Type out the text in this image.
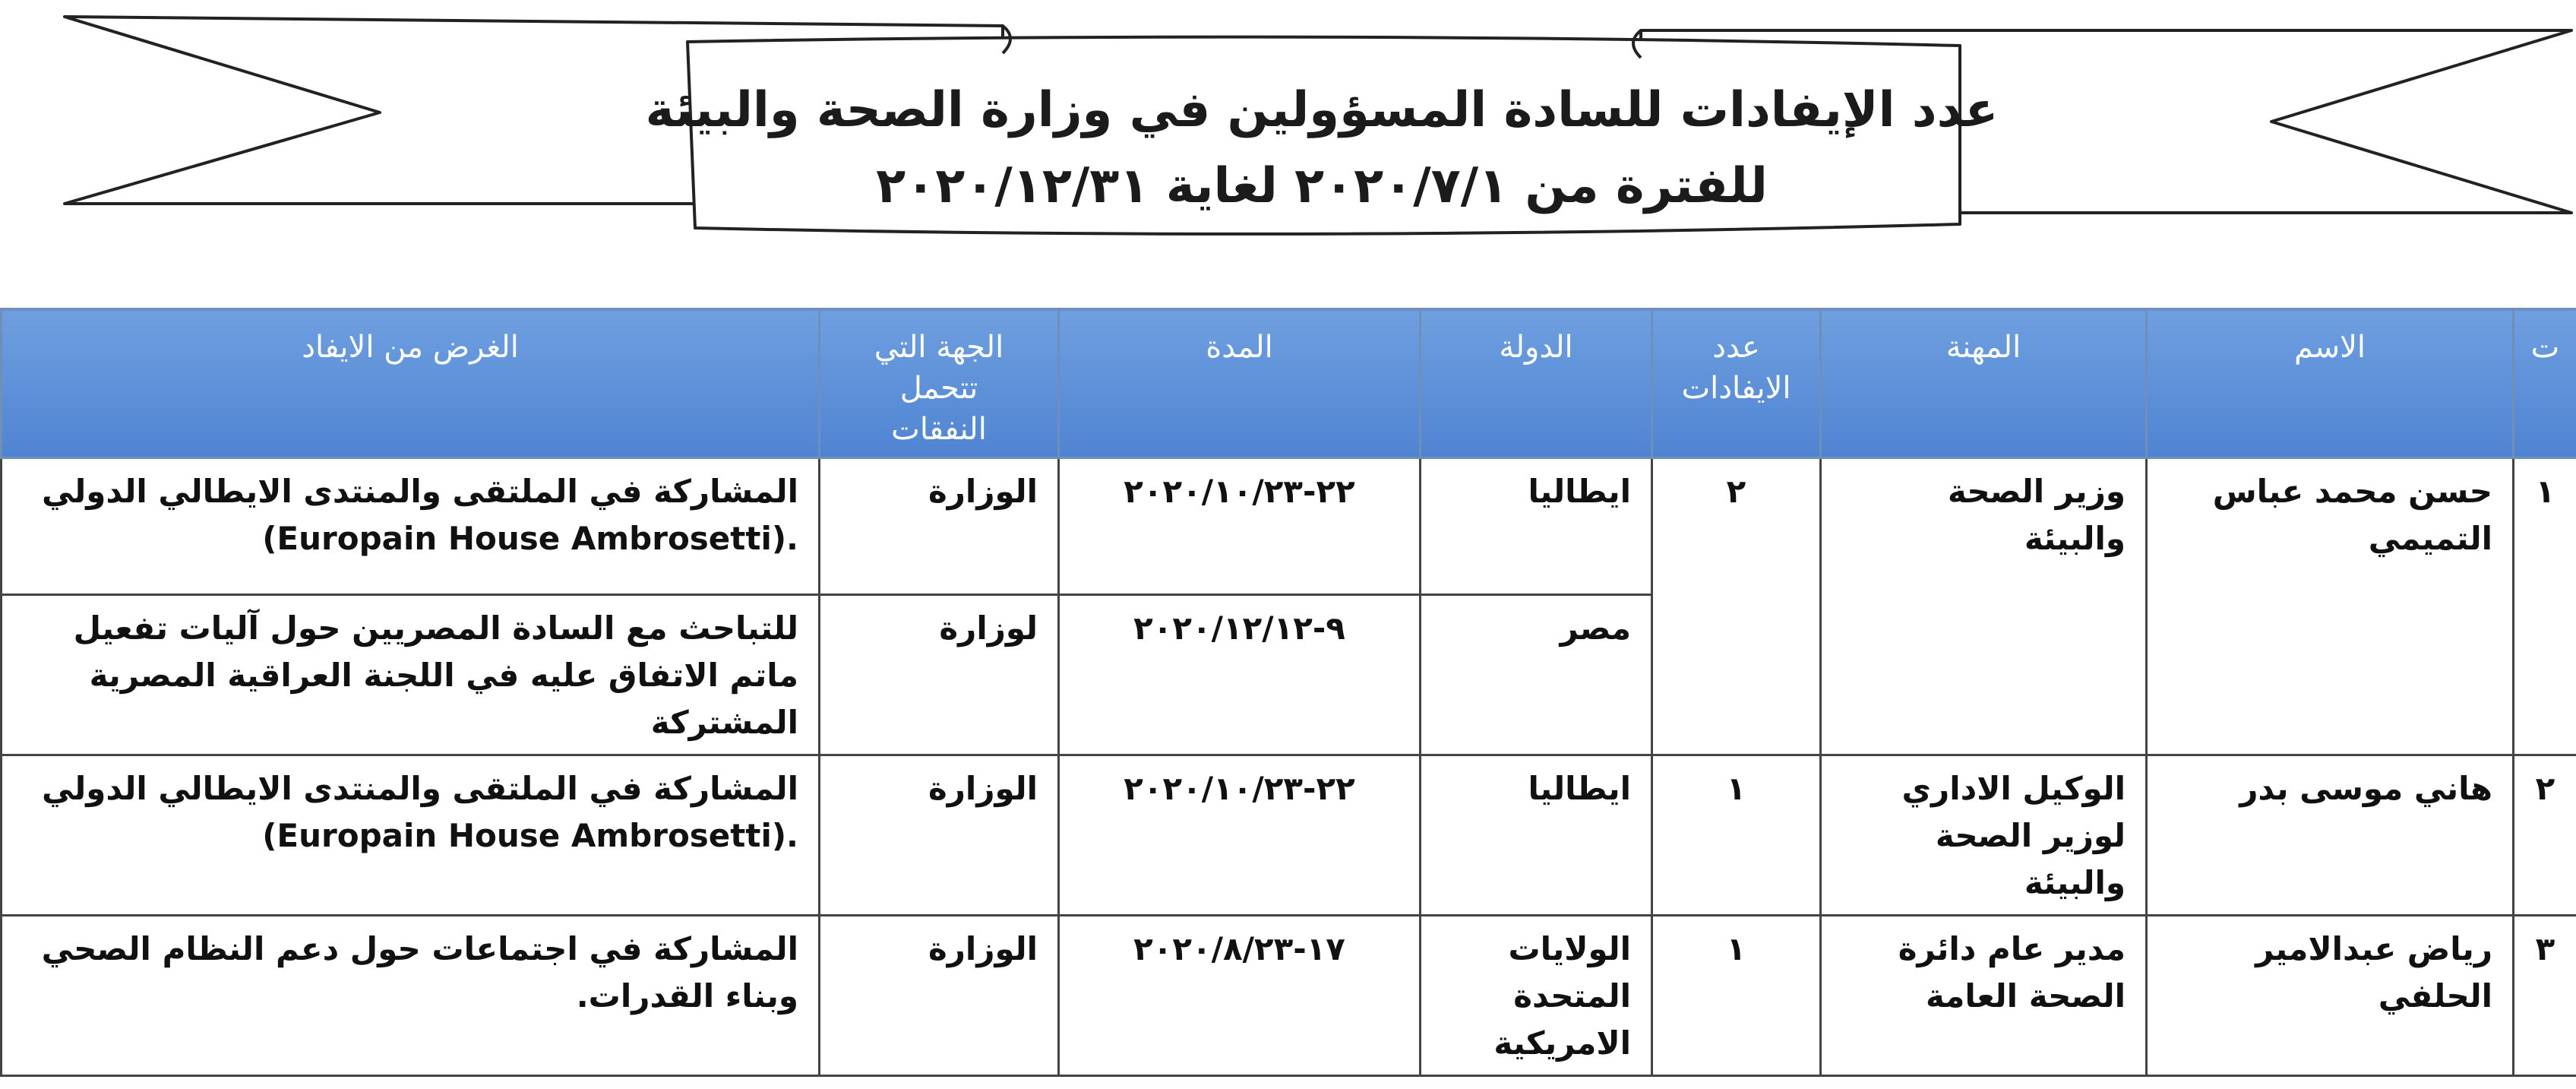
عدد الإيفادات للسادة المسؤولين في وزارة الصحة والبيئة
للفترة من ٢٠٢٠/٧/١ لغاية ٢٠٢٠/١٢/٣١
ت	الاسم	المهنة	عدد الايفادات	الدولة	المدة	الجهة التي تتحمل النفقات	الغرض من الايفاد
١	حسن محمد عباس التميمي	وزير الصحة والبيئة	٢	ايطاليا	٢٢-٢٠٢٠/١٠/٢٣	الوزارة	المشاركة في الملتقى والمنتدى الايطالي الدولي
(Europain House Ambrosetti).

				مصر	٩-٢٠٢٠/١٢/١٢	لوزارة	للتباحث مع السادة المصريين حول آليات تفعيل ماتم الاتفاق عليه في اللجنة العراقية المصرية المشتركة

٢	هاني موسى بدر	الوكيل الاداري لوزير الصحة والبيئة	١	ايطاليا	٢٢-٢٠٢٠/١٠/٢٣	الوزارة	المشاركة في الملتقى والمنتدى الايطالي الدولي
(Europain House Ambrosetti).

٣	رياض عبدالامير الحلفي	مدير عام دائرة الصحة العامة	١	الولايات المتحدة الامريكية	١٧-٢٠٢٠/٨/٢٣	الوزارة	المشاركة في اجتماعات حول دعم النظام الصحي وبناء القدرات.
